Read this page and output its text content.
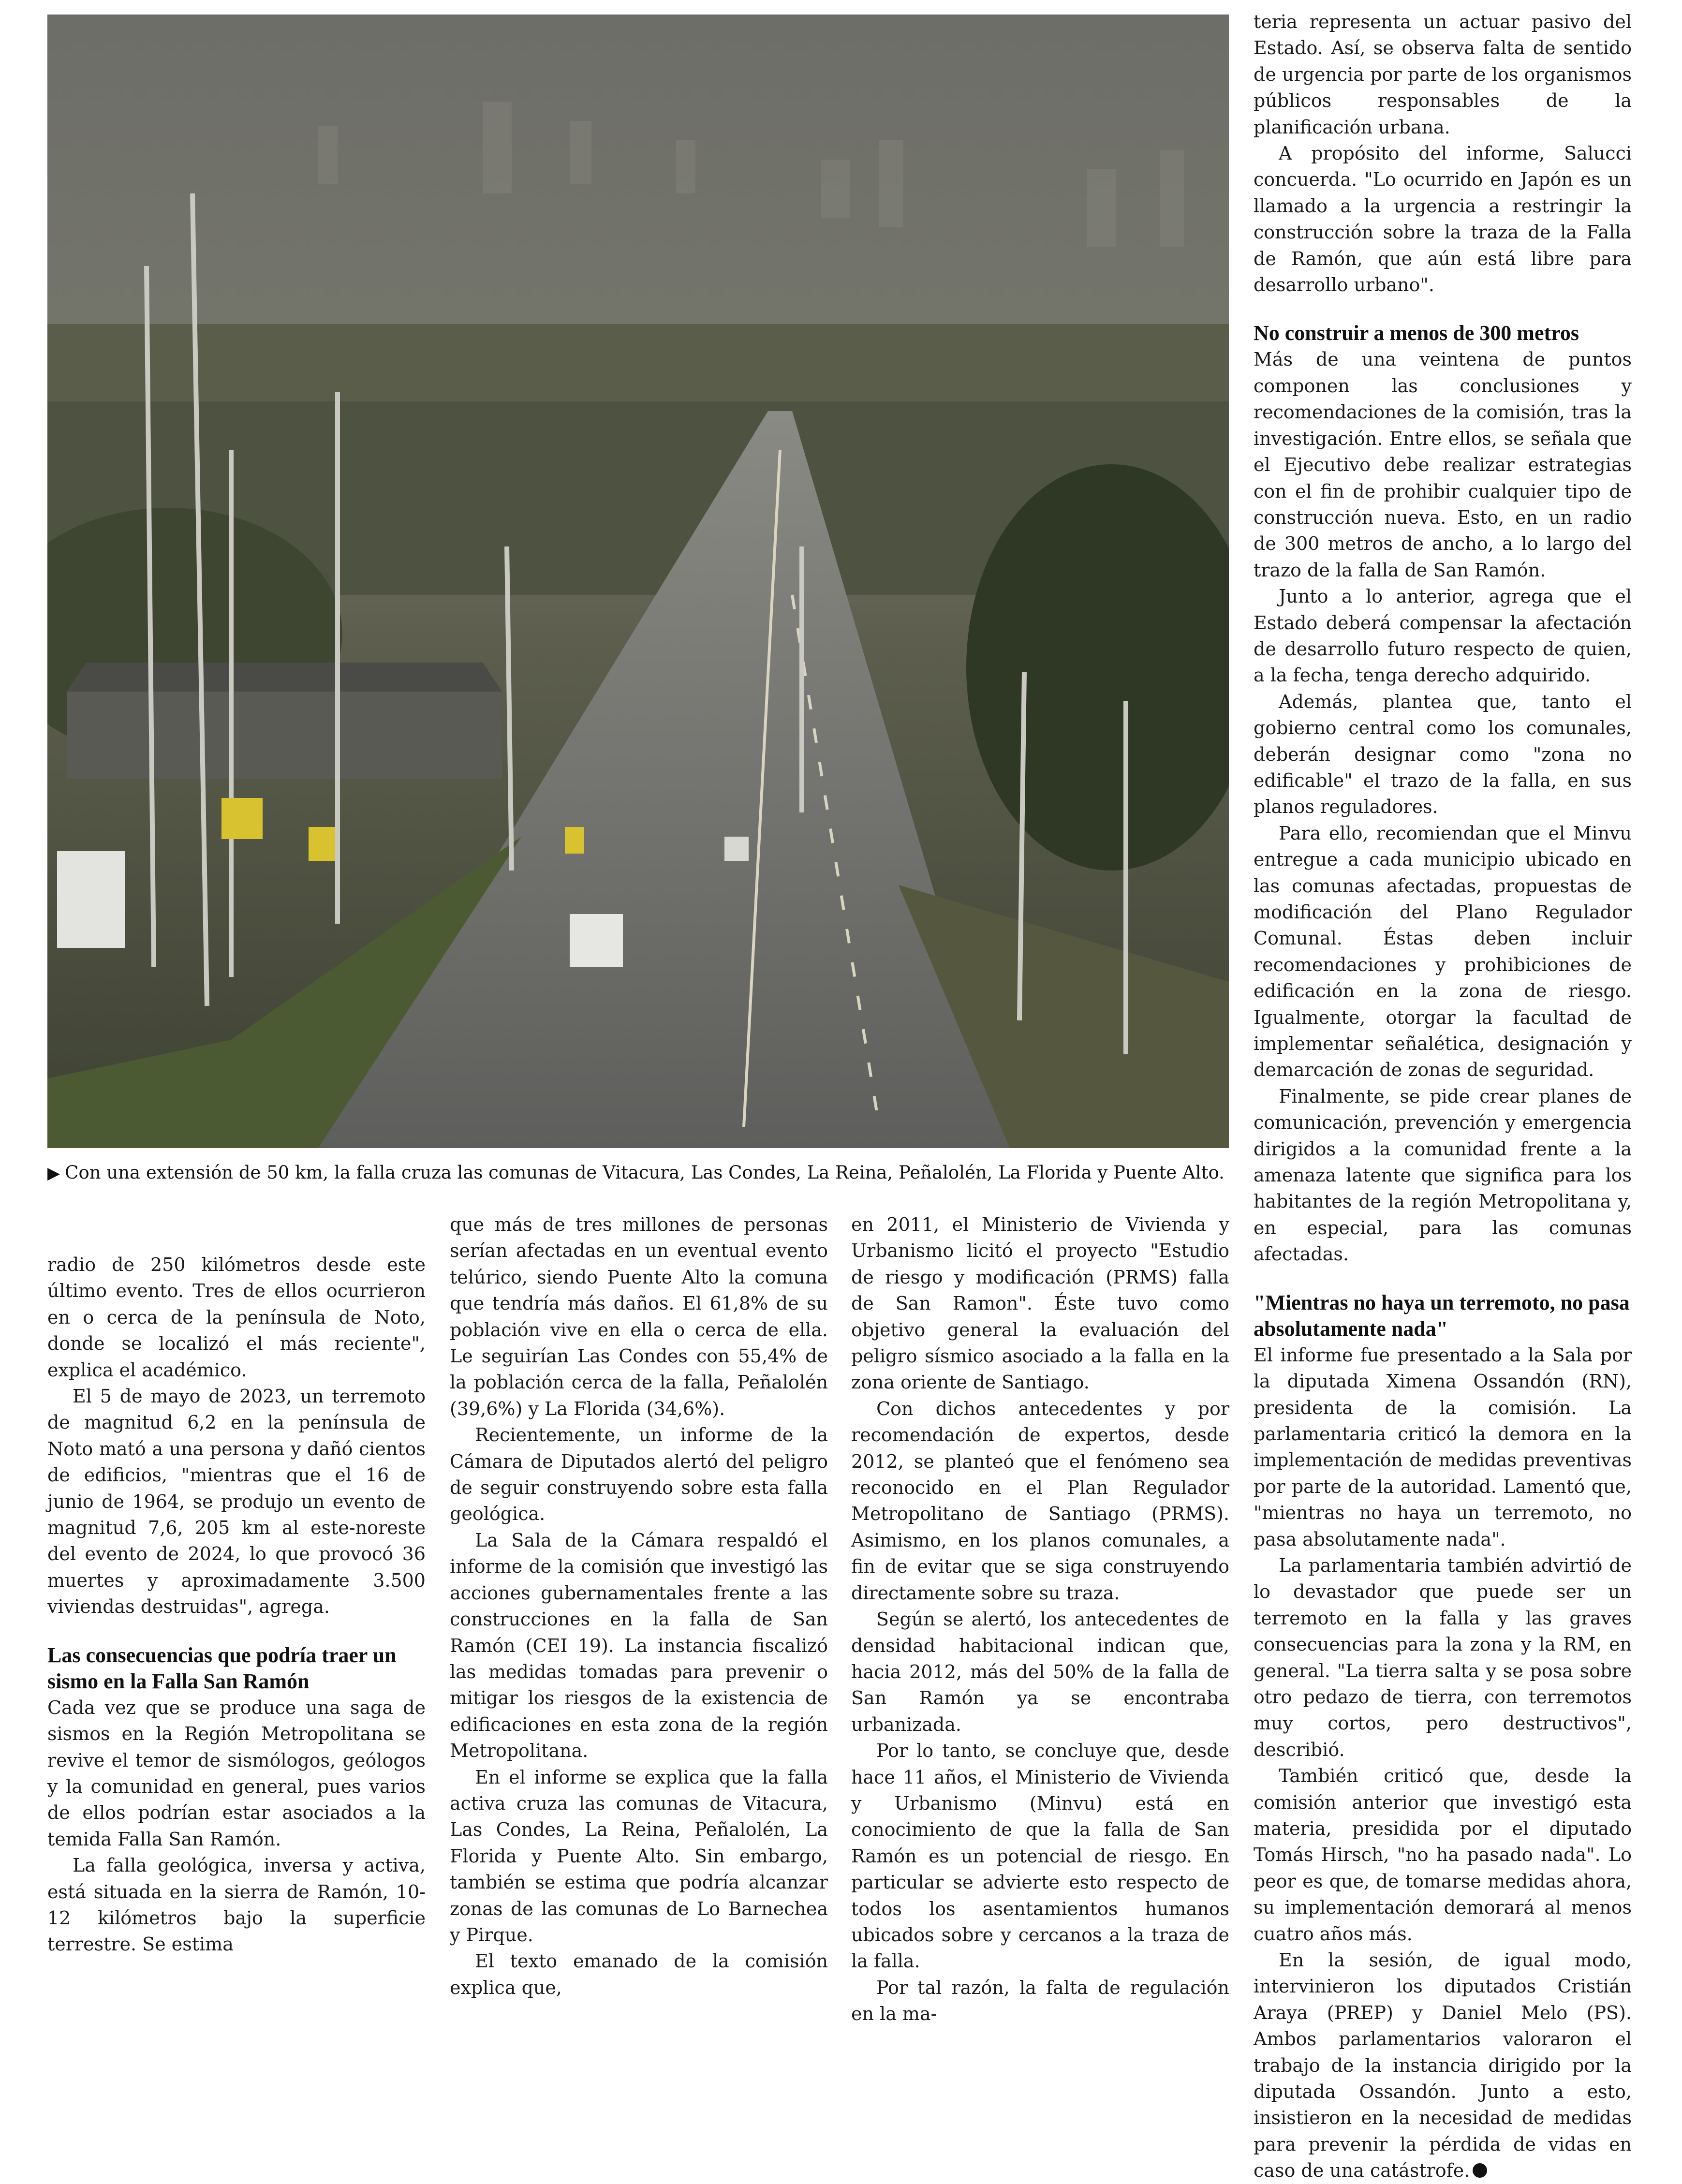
▶ Con una extensión de 50 km, la falla cruza las comunas de Vitacura, Las Condes, La Reina, Peñalolén, La Florida y Puente Alto.

radio de 250 kilómetros desde este último evento. Tres de ellos ocurrieron en o cerca de la península de Noto, donde se localizó el más reciente", explica el académico.

El 5 de mayo de 2023, un terremoto de magnitud 6,2 en la península de Noto mató a una persona y dañó cientos de edificios, "mientras que el 16 de junio de 1964, se produjo un evento de magnitud 7,6, 205 km al este-noreste del evento de 2024, lo que provocó 36 muertes y aproximadamente 3.500 viviendas destruidas", agrega.

Las consecuencias que podría traer un sismo en la Falla San Ramón

Cada vez que se produce una saga de sismos en la Región Metropolitana se revive el temor de sismólogos, geólogos y la comunidad en general, pues varios de ellos podrían estar asociados a la temida Falla San Ramón.

La falla geológica, inversa y activa, está situada en la sierra de Ramón, 10-12 kilómetros bajo la superficie terrestre. Se estima

que más de tres millones de personas serían afectadas en un eventual evento telúrico, siendo Puente Alto la comuna que tendría más daños. El 61,8% de su población vive en ella o cerca de ella. Le seguirían Las Condes con 55,4% de la población cerca de la falla, Peñalolén (39,6%) y La Florida (34,6%).

Recientemente, un informe de la Cámara de Diputados alertó del peligro de seguir construyendo sobre esta falla geológica.

La Sala de la Cámara respaldó el informe de la comisión que investigó las acciones gubernamentales frente a las construcciones en la falla de San Ramón (CEI 19). La instancia fiscalizó las medidas tomadas para prevenir o mitigar los riesgos de la existencia de edificaciones en esta zona de la región Metropolitana.

En el informe se explica que la falla activa cruza las comunas de Vitacura, Las Condes, La Reina, Peñalolén, La Florida y Puente Alto. Sin embargo, también se estima que podría alcanzar zonas de las comunas de Lo Barnechea y Pirque.

El texto emanado de la comisión explica que,

en 2011, el Ministerio de Vivienda y Urbanismo licitó el proyecto "Estudio de riesgo y modificación (PRMS) falla de San Ramon". Éste tuvo como objetivo general la evaluación del peligro sísmico asociado a la falla en la zona oriente de Santiago.

Con dichos antecedentes y por recomendación de expertos, desde 2012, se planteó que el fenómeno sea reconocido en el Plan Regulador Metropolitano de Santiago (PRMS). Asimismo, en los planos comunales, a fin de evitar que se siga construyendo directamente sobre su traza.

Según se alertó, los antecedentes de densidad habitacional indican que, hacia 2012, más del 50% de la falla de San Ramón ya se encontraba urbanizada.

Por lo tanto, se concluye que, desde hace 11 años, el Ministerio de Vivienda y Urbanismo (Minvu) está en conocimiento de que la falla de San Ramón es un potencial de riesgo. En particular se advierte esto respecto de todos los asentamientos humanos ubicados sobre y cercanos a la traza de la falla.

Por tal razón, la falta de regulación en la ma-

teria representa un actuar pasivo del Estado. Así, se observa falta de sentido de urgencia por parte de los organismos públicos responsables de la planificación urbana.

A propósito del informe, Salucci concuerda. "Lo ocurrido en Japón es un llamado a la urgencia a restringir la construcción sobre la traza de la Falla de Ramón, que aún está libre para desarrollo urbano".

No construir a menos de 300 metros

Más de una veintena de puntos componen las conclusiones y recomendaciones de la comisión, tras la investigación. Entre ellos, se señala que el Ejecutivo debe realizar estrategias con el fin de prohibir cualquier tipo de construcción nueva. Esto, en un radio de 300 metros de ancho, a lo largo del trazo de la falla de San Ramón.

Junto a lo anterior, agrega que el Estado deberá compensar la afectación de desarrollo futuro respecto de quien, a la fecha, tenga derecho adquirido.

Además, plantea que, tanto el gobierno central como los comunales, deberán designar como "zona no edificable" el trazo de la falla, en sus planos reguladores.

Para ello, recomiendan que el Minvu entregue a cada municipio ubicado en las comunas afectadas, propuestas de modificación del Plano Regulador Comunal. Éstas deben incluir recomendaciones y prohibiciones de edificación en la zona de riesgo. Igualmente, otorgar la facultad de implementar señalética, designación y demarcación de zonas de seguridad.

Finalmente, se pide crear planes de comunicación, prevención y emergencia dirigidos a la comunidad frente a la amenaza latente que significa para los habitantes de la región Metropolitana y, en especial, para las comunas afectadas.

"Mientras no haya un terremoto, no pasa absolutamente nada"

El informe fue presentado a la Sala por la diputada Ximena Ossandón (RN), presidenta de la comisión. La parlamentaria criticó la demora en la implementación de medidas preventivas por parte de la autoridad. Lamentó que, "mientras no haya un terremoto, no pasa absolutamente nada".

La parlamentaria también advirtió de lo devastador que puede ser un terremoto en la falla y las graves consecuencias para la zona y la RM, en general. "La tierra salta y se posa sobre otro pedazo de tierra, con terremotos muy cortos, pero destructivos", describió.

También criticó que, desde la comisión anterior que investigó esta materia, presidida por el diputado Tomás Hirsch, "no ha pasado nada". Lo peor es que, de tomarse medidas ahora, su implementación demorará al menos cuatro años más.

En la sesión, de igual modo, intervinieron los diputados Cristián Araya (PREP) y Daniel Melo (PS). Ambos parlamentarios valoraron el trabajo de la instancia dirigido por la diputada Ossandón. Junto a esto, insistieron en la necesidad de medidas para prevenir la pérdida de vidas en caso de una catástrofe.
